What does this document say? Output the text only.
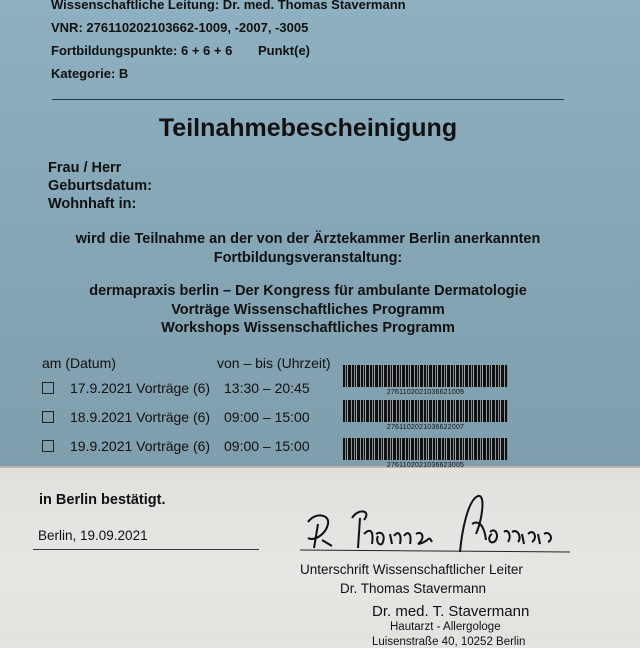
Wissenschaftliche Leitung: Dr. med. Thomas Stavermann
VNR: 276110202103662-1009, -2007, -3005
Fortbildungspunkte: 6 + 6 + 6 Punkt(e)
Kategorie: B
Teilnahmebescheinigung
Frau / Herr
Geburtsdatum:
Wohnhaft in:
wird die Teilnahme an der von der Ärztekammer Berlin anerkannten
Fortbildungsveranstaltung:
dermapraxis berlin – Der Kongress für ambulante Dermatologie
Vorträge Wissenschaftliches Programm
Workshops Wissenschaftliches Programm
am (Datum)	von – bis (Uhrzeit)
17.9.2021 Vorträge (6) 13:30 – 20:45	276110202103662100​9
18.9.2021 Vorträge (6) 09:00 – 15:00
2761102021036622007
19.9.2021 Vorträge (6) 09:00 – 15:00
2761102021036623005
in Berlin bestätigt.
Berlin, 19.09.2021
Unterschrift Wissenschaftlicher Leiter
Dr. Thomas Stavermann
Dr. med. T. Stavermann
Hautarzt - Allergologe
Luisenstraße 40, 10252 Berlin
